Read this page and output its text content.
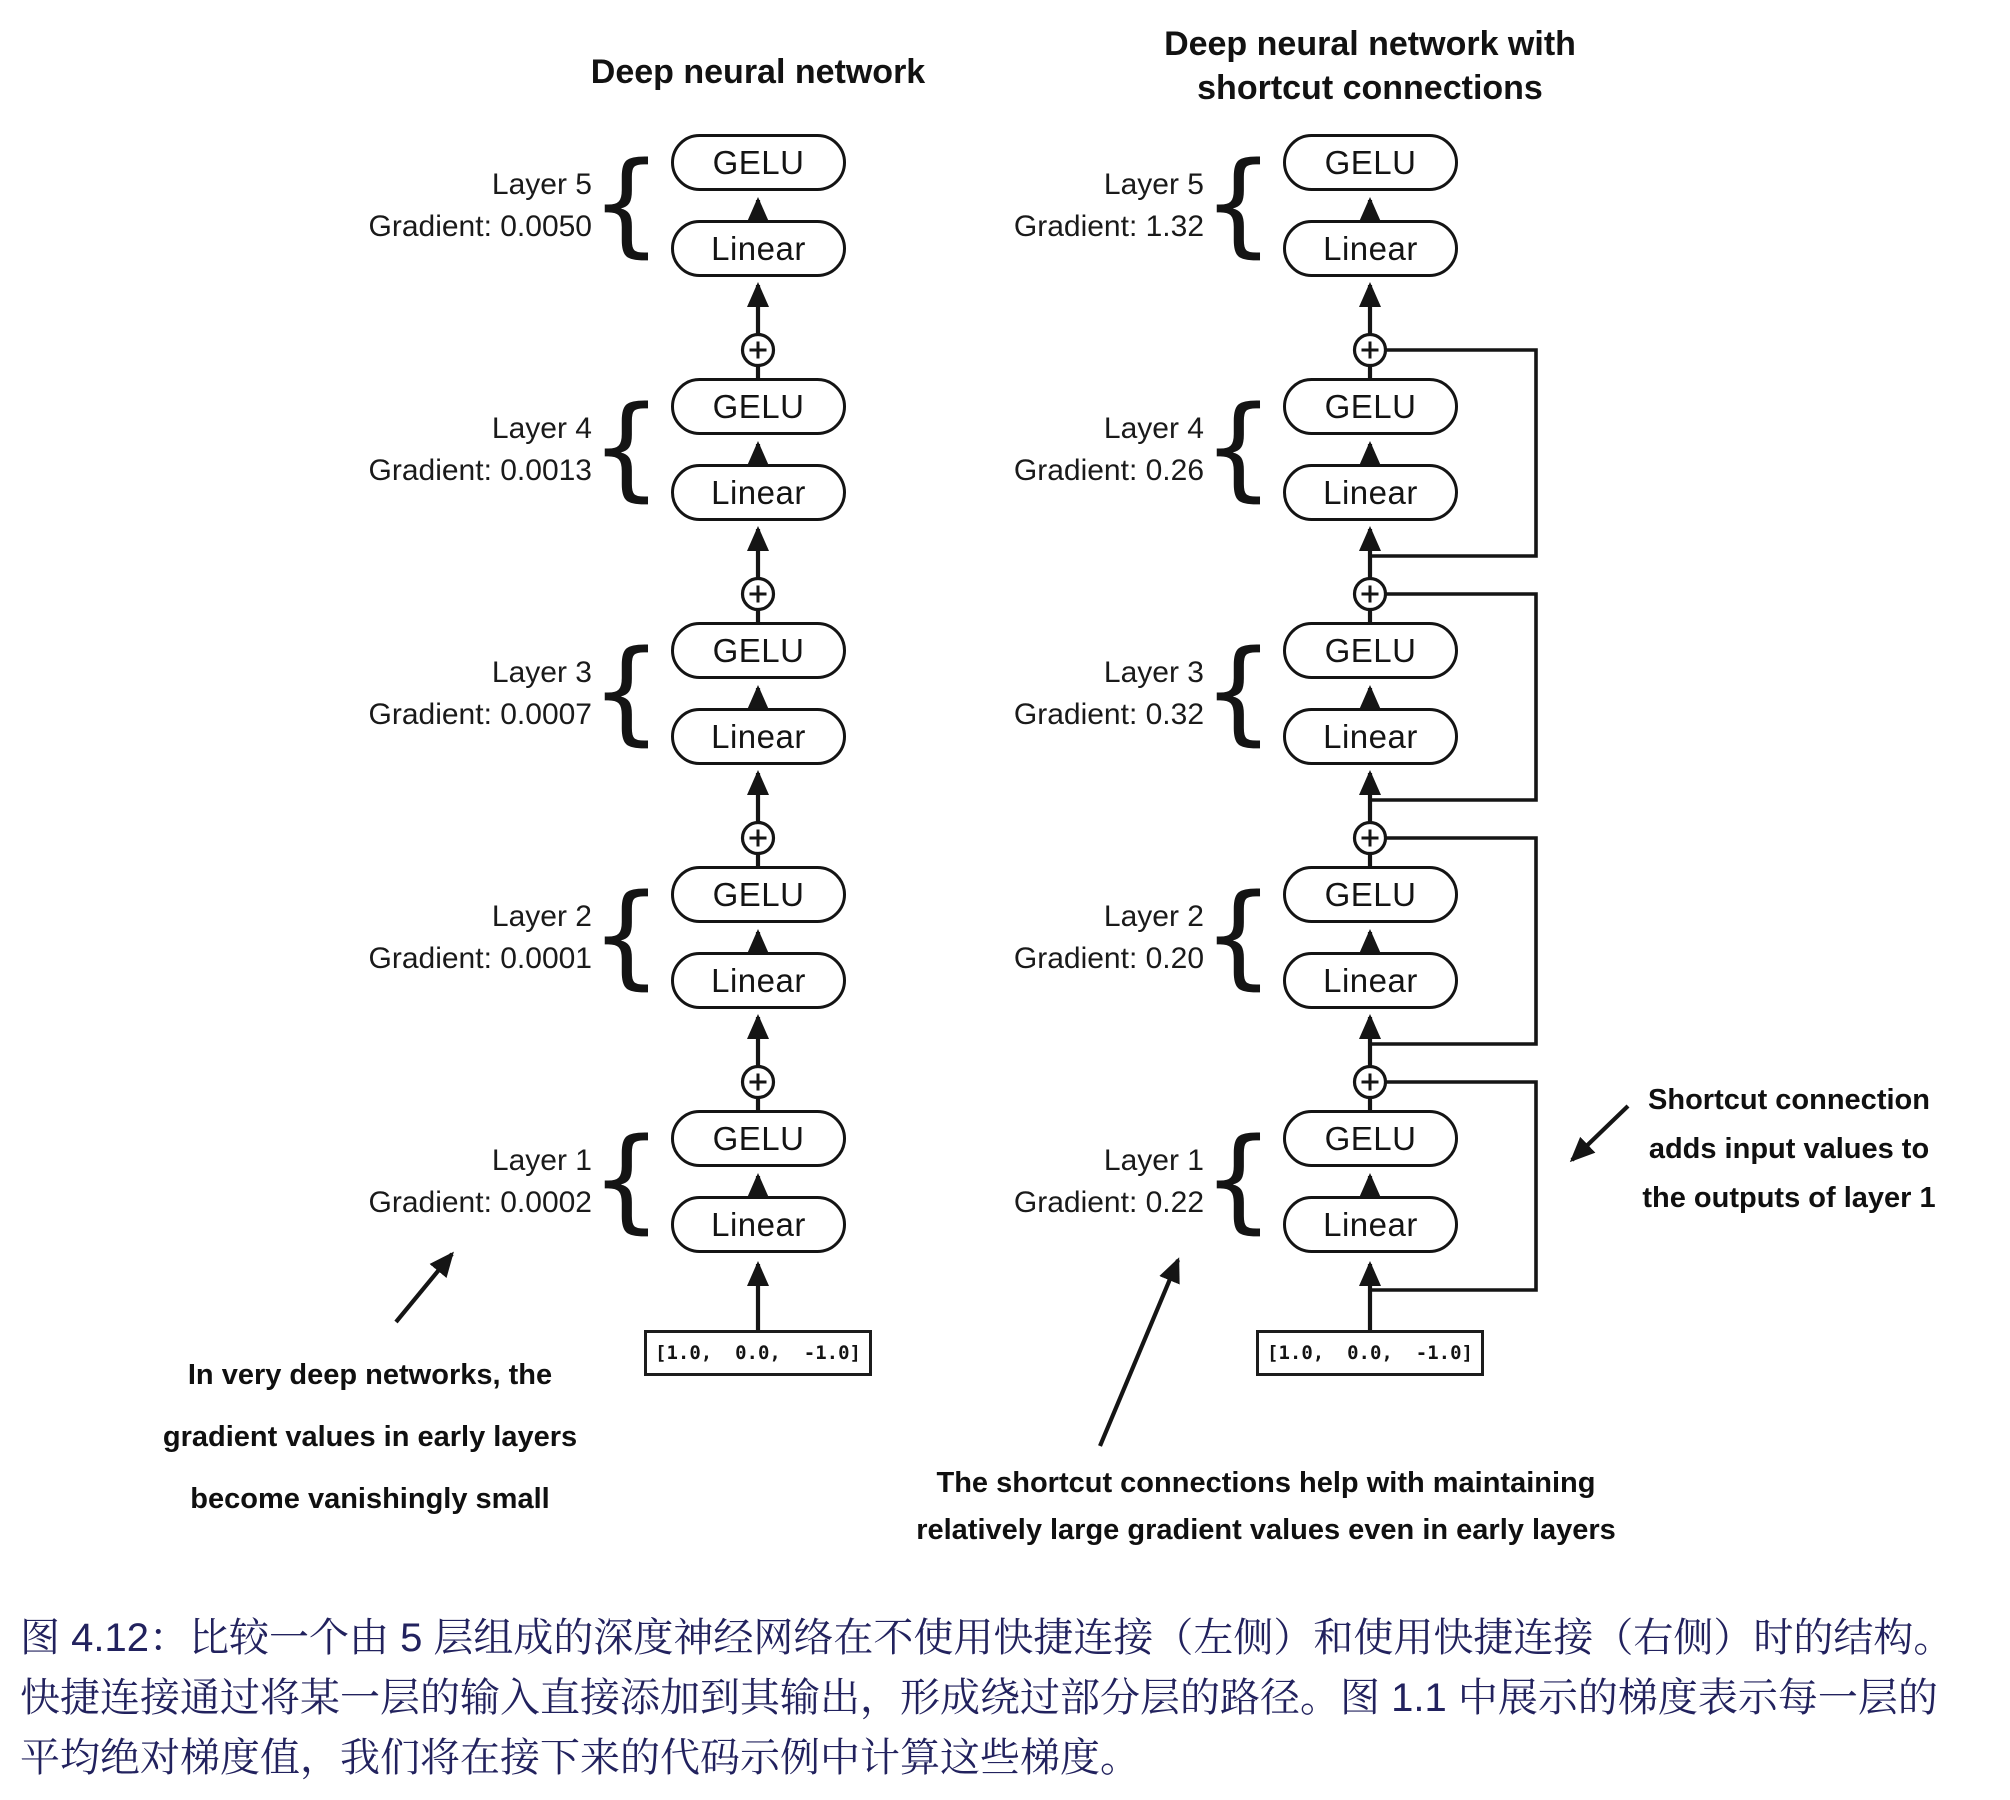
Deep neural network
Deep neural network with
shortcut connections
Layer 5
Gradient: 0.0050
{	GELU
Linear
Layer 4
Gradient: 0.0013
{	GELU
Linear
Layer 3
Gradient: 0.0007
{	GELU
Linear
Layer 2
Gradient: 0.0001
{	GELU
Linear
Layer 1
Gradient: 0.0002
{	GELU
Linear
Layer 5
Gradient: 1.32
{	GELU
Linear
Layer 4
Gradient: 0.26
{	GELU
Linear
Layer 3
Gradient: 0.32
{	GELU
Linear
Layer 2
Gradient: 0.20
{	GELU
Linear
Layer 1
Gradient: 0.22
{	GELU
Linear
[1.0,  0.0,  -1.0]	[1.0,  0.0,  -1.0]
In very deep networks, the
gradient values in early layers
become vanishingly small	The shortcut connections help with maintaining
relatively large gradient values even in early layers
Shortcut connection
adds input values to
the outputs of layer 1
图 4.12：比较一个由 5 层组成的深度神经网络在不使用快捷连接（左侧）和使用快捷连接（右侧）时的结构。
快捷连接通过将某一层的输入直接添加到其输出，形成绕过部分层的路径。图 1.1 中展示的梯度表示每一层的
平均绝对梯度值，我们将在接下来的代码示例中计算这些梯度。
